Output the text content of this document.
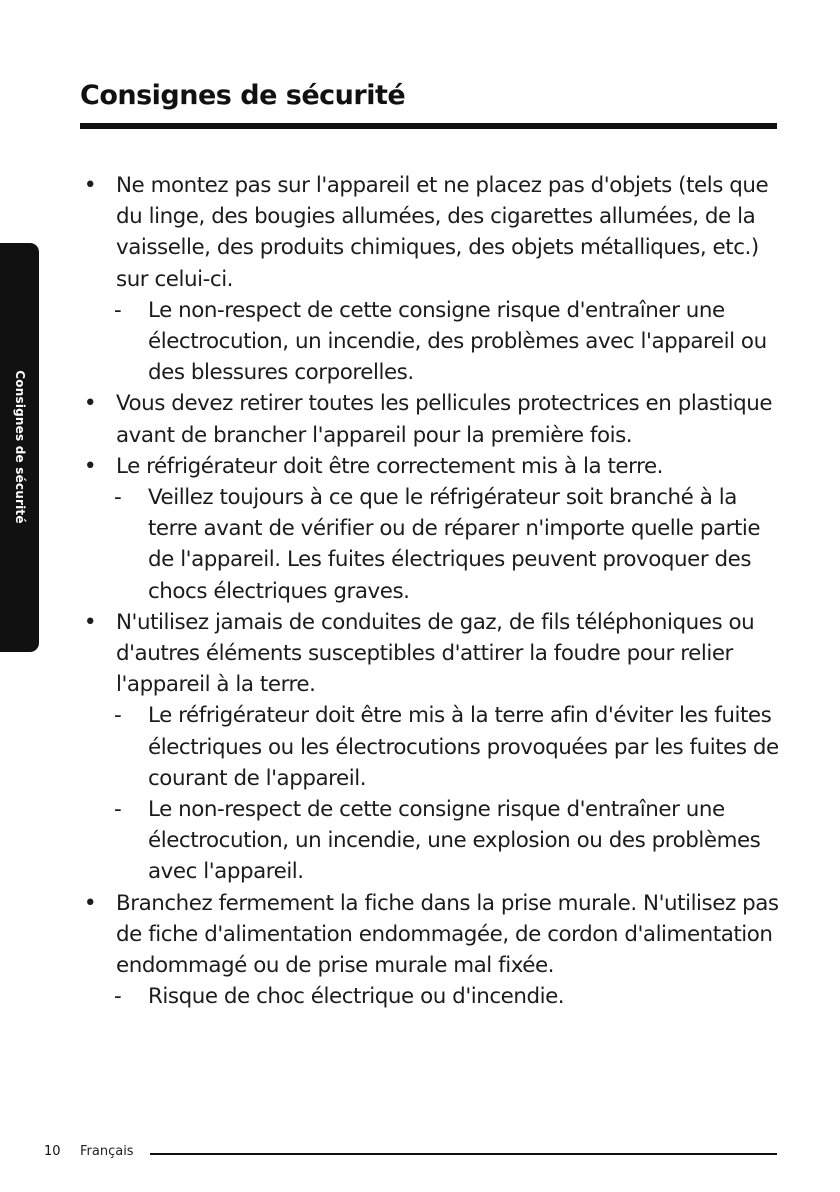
Consignes de sécurité
Consignes de sécurité
• Ne montez pas sur l'appareil et ne placez pas d'objets (tels que du linge, des bougies allumées, des cigarettes allumées, de la vaisselle, des produits chimiques, des objets métalliques, etc.) sur celui-ci.
-	Le non-respect de cette consigne risque d'entraîner une électrocution, un incendie, des problèmes avec l'appareil ou des blessures corporelles.
• Vous devez retirer toutes les pellicules protectrices en plastique avant de brancher l'appareil pour la première fois.
• Le réfrigérateur doit être correctement mis à la terre.
-	Veillez toujours à ce que le réfrigérateur soit branché à la terre avant de vérifier ou de réparer n'importe quelle partie de l'appareil. Les fuites électriques peuvent provoquer des chocs électriques graves.
• N'utilisez jamais de conduites de gaz, de fils téléphoniques ou d'autres éléments susceptibles d'attirer la foudre pour relier l'appareil à la terre.
-	Le réfrigérateur doit être mis à la terre afin d'éviter les fuites électriques ou les électrocutions provoquées par les fuites de courant de l'appareil.
-	Le non-respect de cette consigne risque d'entraîner une électrocution, un incendie, une explosion ou des problèmes avec l'appareil.
• Branchez fermement la fiche dans la prise murale. N'utilisez pas de fiche d'alimentation endommagée, de cordon d'alimentation endommagé ou de prise murale mal fixée.
-	Risque de choc électrique ou d'incendie.
10 Français
